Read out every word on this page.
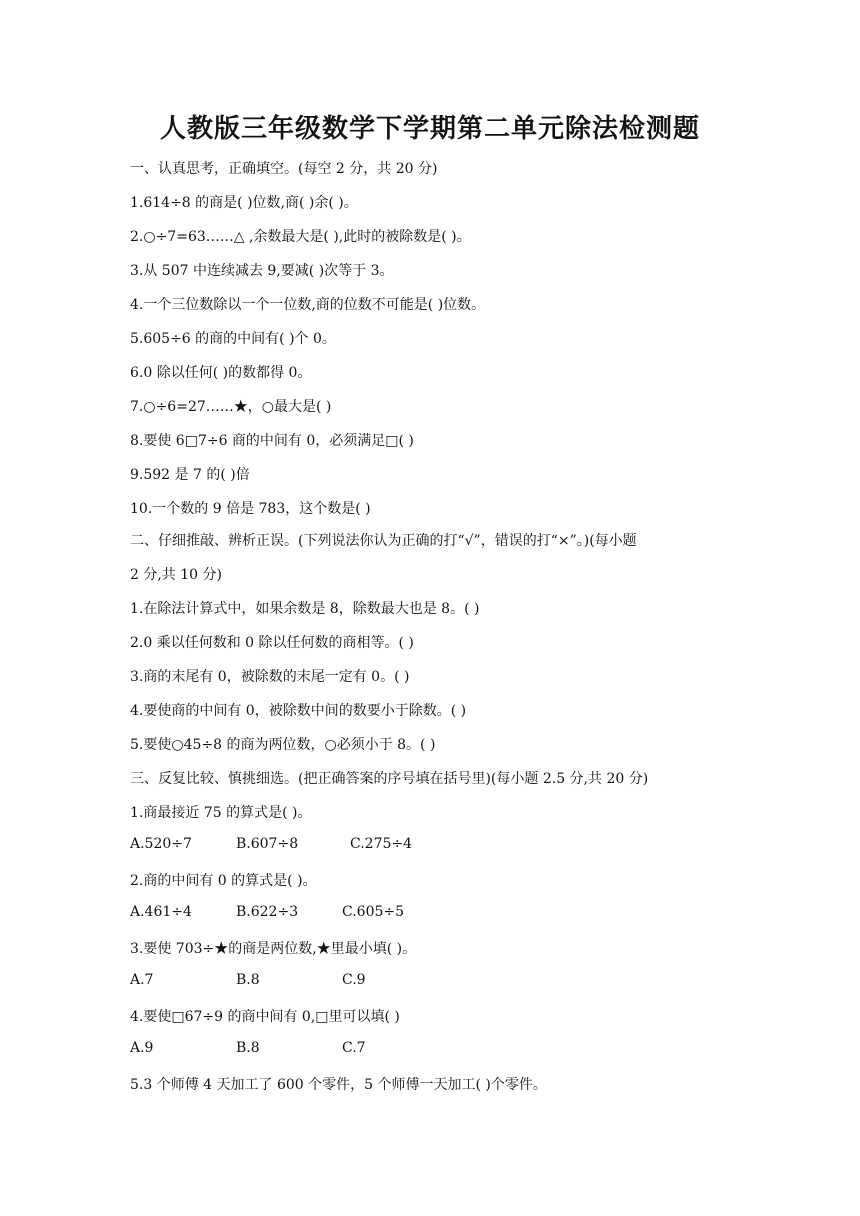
人教版三年级数学下学期第二单元除法检测题
一、认真思考，正确填空。(每空 2 分，共 20 分)
1.614÷8 的商是( )位数,商( )余( )。
2.○÷7=63……△ ,余数最大是( ),此时的被除数是( )。
3.从 507 中连续减去 9,要减( )次等于 3。
4.一个三位数除以一个一位数,商的位数不可能是( )位数。
5.605÷6 的商的中间有( )个 0。
6.0 除以任何( )的数都得 0。
7.○÷6=27……★，○最大是( )
8.要使 6□7÷6 商的中间有 0，必须满足□( )
9.592 是 7 的( )倍
10.一个数的 9 倍是 783，这个数是( )
二、仔细推敲、辨析正误。(下列说法你认为正确的打“√”，错误的打“×”。)(每小题
2 分,共 10 分)
1.在除法计算式中，如果余数是 8，除数最大也是 8。( )
2.0 乘以任何数和 0 除以任何数的商相等。( )
3.商的末尾有 0，被除数的末尾一定有 0。( )
4.要使商的中间有 0，被除数中间的数要小于除数。( )
5.要使○45÷8 的商为两位数，○必须小于 8。( )
三、反复比较、慎挑细选。(把正确答案的序号填在括号里)(每小题 2.5 分,共 20 分)
1.商最接近 75 的算式是( )。
A.520÷7	B.607÷8	C.275÷4
2.商的中间有 0 的算式是( )。
A.461÷4	B.622÷3	C.605÷5
3.要使 703÷★的商是两位数,★里最小填( )。
A.7	B.8	C.9
4.要使□67÷9 的商中间有 0,□里可以填( )
A.9	B.8	C.7
5.3 个师傅 4 天加工了 600 个零件，5 个师傅一天加工( )个零件。
